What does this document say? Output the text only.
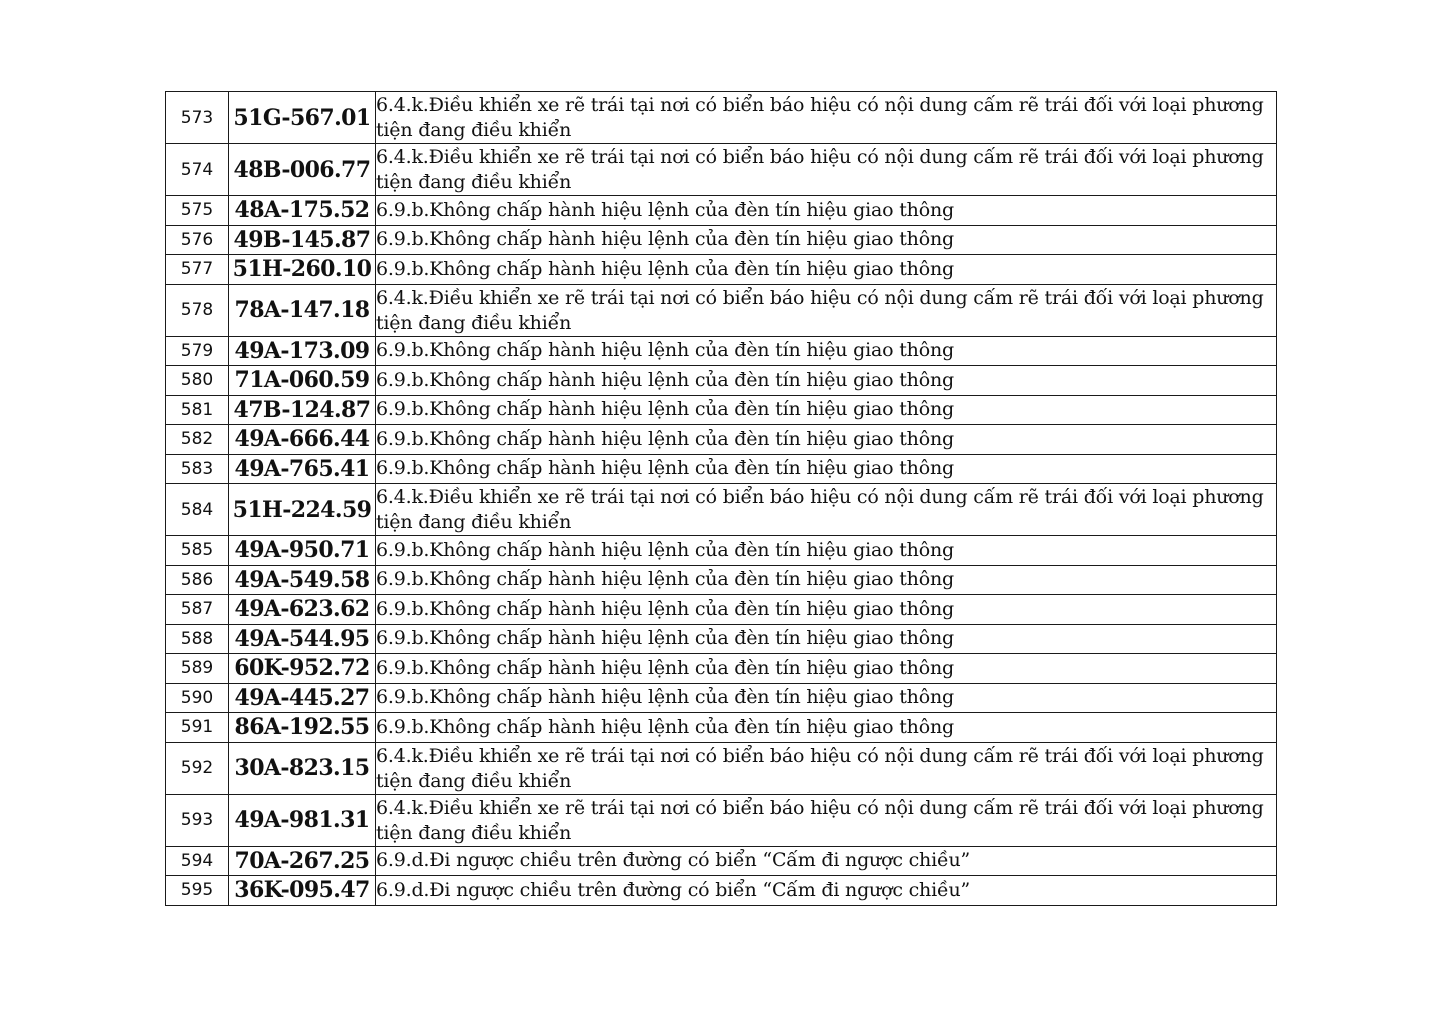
573	51G-567.01	6.4.k.Điều khiển xe rẽ trái tại nơi có biển báo hiệu có nội dung cấm rẽ trái đối với loại phương tiện đang điều khiển
574	48B-006.77	6.4.k.Điều khiển xe rẽ trái tại nơi có biển báo hiệu có nội dung cấm rẽ trái đối với loại phương tiện đang điều khiển
575	48A-175.52	6.9.b.Không chấp hành hiệu lệnh của đèn tín hiệu giao thông
576	49B-145.87	6.9.b.Không chấp hành hiệu lệnh của đèn tín hiệu giao thông
577	51H-260.10	6.9.b.Không chấp hành hiệu lệnh của đèn tín hiệu giao thông
578	78A-147.18	6.4.k.Điều khiển xe rẽ trái tại nơi có biển báo hiệu có nội dung cấm rẽ trái đối với loại phương tiện đang điều khiển
579	49A-173.09	6.9.b.Không chấp hành hiệu lệnh của đèn tín hiệu giao thông
580	71A-060.59	6.9.b.Không chấp hành hiệu lệnh của đèn tín hiệu giao thông
581	47B-124.87	6.9.b.Không chấp hành hiệu lệnh của đèn tín hiệu giao thông
582	49A-666.44	6.9.b.Không chấp hành hiệu lệnh của đèn tín hiệu giao thông
583	49A-765.41	6.9.b.Không chấp hành hiệu lệnh của đèn tín hiệu giao thông
584	51H-224.59	6.4.k.Điều khiển xe rẽ trái tại nơi có biển báo hiệu có nội dung cấm rẽ trái đối với loại phương tiện đang điều khiển
585	49A-950.71	6.9.b.Không chấp hành hiệu lệnh của đèn tín hiệu giao thông
586	49A-549.58	6.9.b.Không chấp hành hiệu lệnh của đèn tín hiệu giao thông
587	49A-623.62	6.9.b.Không chấp hành hiệu lệnh của đèn tín hiệu giao thông
588	49A-544.95	6.9.b.Không chấp hành hiệu lệnh của đèn tín hiệu giao thông
589	60K-952.72	6.9.b.Không chấp hành hiệu lệnh của đèn tín hiệu giao thông
590	49A-445.27	6.9.b.Không chấp hành hiệu lệnh của đèn tín hiệu giao thông
591	86A-192.55	6.9.b.Không chấp hành hiệu lệnh của đèn tín hiệu giao thông
592	30A-823.15	6.4.k.Điều khiển xe rẽ trái tại nơi có biển báo hiệu có nội dung cấm rẽ trái đối với loại phương tiện đang điều khiển
593	49A-981.31	6.4.k.Điều khiển xe rẽ trái tại nơi có biển báo hiệu có nội dung cấm rẽ trái đối với loại phương tiện đang điều khiển
594	70A-267.25	6.9.d.Đi ngược chiều trên đường có biển “Cấm đi ngược chiều”
595	36K-095.47	6.9.d.Đi ngược chiều trên đường có biển “Cấm đi ngược chiều”
